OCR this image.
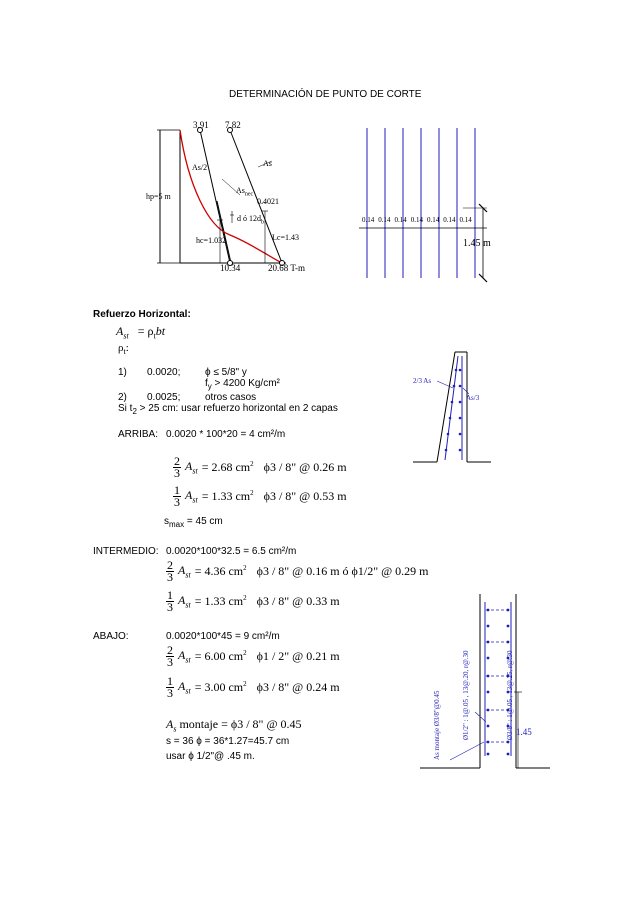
DETERMINACIÓN DE PUNTO DE CORTE
3.91 7.82
As/2	As
$As_{nec}$
0.4021
d ó $12d_b$
hp=5 m
hc=1.032	Lc=1.43
10.34	20.68 T-m
0.14 0.14 0.14 0.14 0.14 0.14 0.14
1.45 m
Refuerzo Horizontal:
$A_{st} = \rho_tbt$
$\rho_t$:
1) 0.0020; ϕ ≤ 5/8" y
$f_y > 4200$ Kg/cm²
2) 0.0025; otros casos
Si $t_2 > 25$ cm: usar refuerzo horizontal en 2 capas
2/3 As
As/3
ARRIBA: 0.0020 * 100*20 = 4 cm²/m
$\frac{2}{3} A_{st} = 2.68$ $cm^2$ ϕ3 / 8" @ 0.26 m
$\frac{1}{3} A_{st} = 1.33$ $cm^2$ ϕ3 / 8" @ 0.53 m
$s_{max} = 45$ cm
INTERMEDIO: 0.0020*100*32.5 = 6.5 cm²/m
$\frac{2}{3} A_{st} = 4.36$ $cm^2$ ϕ3 / 8" @ 0.16 m ó ϕ1/2" @ 0.29 m
$\frac{1}{3} A_{st} = 1.33$ $cm^2$ ϕ3 / 8" @ 0.33 m
ABAJO:	0.0020*100*45 = 9 cm²/m
$\frac{2}{3} A_{st} = 6.00$ $cm^2$ ϕ1 / 2" @ 0.21 m
$\frac{1}{3} A_{st} = 3.00$ $cm^2$ ϕ3 / 8" @ 0.24 m
$A_s$ montaje = ϕ3 / 8" @ 0.45
s = 36 ϕ = 36*1.27=45.7 cm
usar ϕ 1/2"@ .45 m.	As montaje Ø3/8"@0.45	Ø1/2" : 1@.05 , 13@.20, r@.30	Ø3/8" : 1@.05 , 13@.25, r@.30 1.45
